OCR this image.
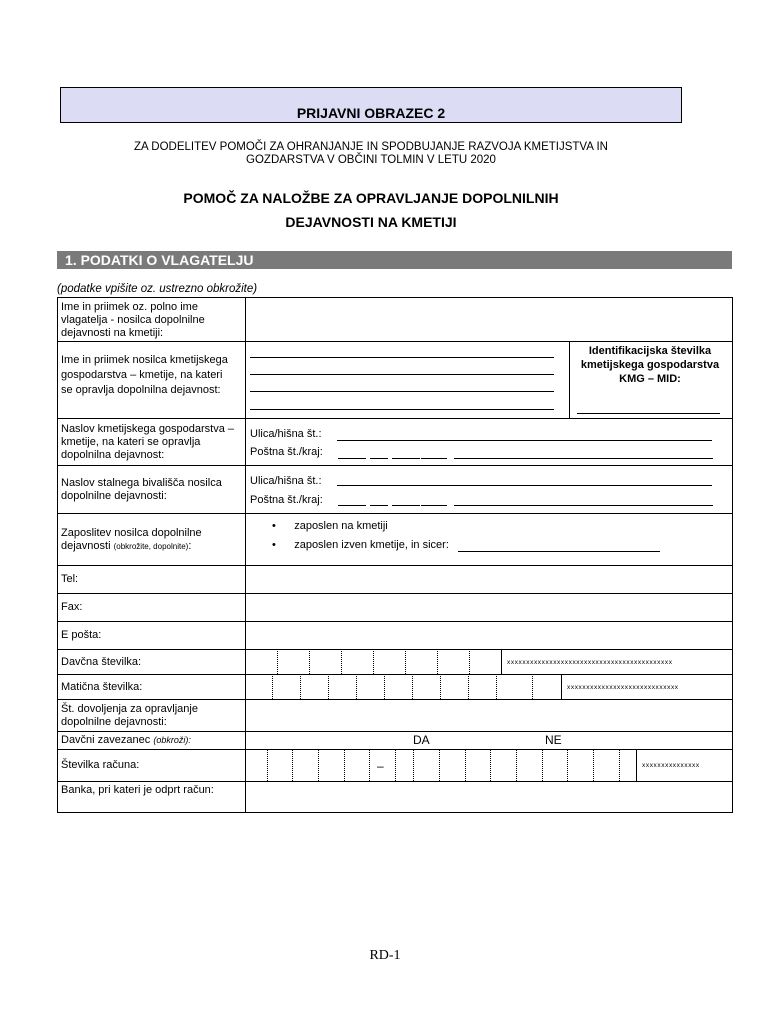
PRIJAVNI OBRAZEC 2
ZA DODELITEV POMOČI ZA OHRANJANJE IN SPODBUJANJE RAZVOJA KMETIJSTVA IN
GOZDARSTVA V OBČINI TOLMIN V LETU 2020
POMOČ ZA NALOŽBE ZA OPRAVLJANJE DOPOLNILNIH
DEJAVNOSTI NA KMETIJI
1. PODATKI O VLAGATELJU
(podatke vpišite oz. ustrezno obkrožite)
Ime in priimek oz. polno ime vlagatelja - nosilca dopolnilne dejavnosti na kmetiji:
Ime in priimek nosilca kmetijskega gospodarstva – kmetije, na kateri se opravlja dopolnilna dejavnost:
Identifikacijska številka kmetijskega gospodarstva KMG – MID:
Naslov kmetijskega gospodarstva – kmetije, na kateri se opravlja dopolnilna dejavnost:
Ulica/hišna št.:
Poštna št./kraj:
Naslov stalnega bivališča nosilca dopolnilne dejavnosti:
Ulica/hišna št.:
Poštna št./kraj:
Zaposlitev nosilca dopolnilne dejavnosti (obkrožite, dopolnite):
•      zaposlen na kmetiji
•      zaposlen izven kmetije, in sicer:
Tel:
Fax:
E pošta:
Davčna številka:	xxxxxxxxxxxxxxxxxxxxxxxxxxxxxxxxxxxxxxxxxxx
Matična številka:	xxxxxxxxxxxxxxxxxxxxxxxxxxxxx
Št. dovoljenja za opravljanje dopolnilne dejavnosti:
Davčni zavezanec (obkroži):	DA	NE
Številka računa:	–	xxxxxxxxxxxxxxx
Banka, pri kateri je odprt račun:
RD-1
